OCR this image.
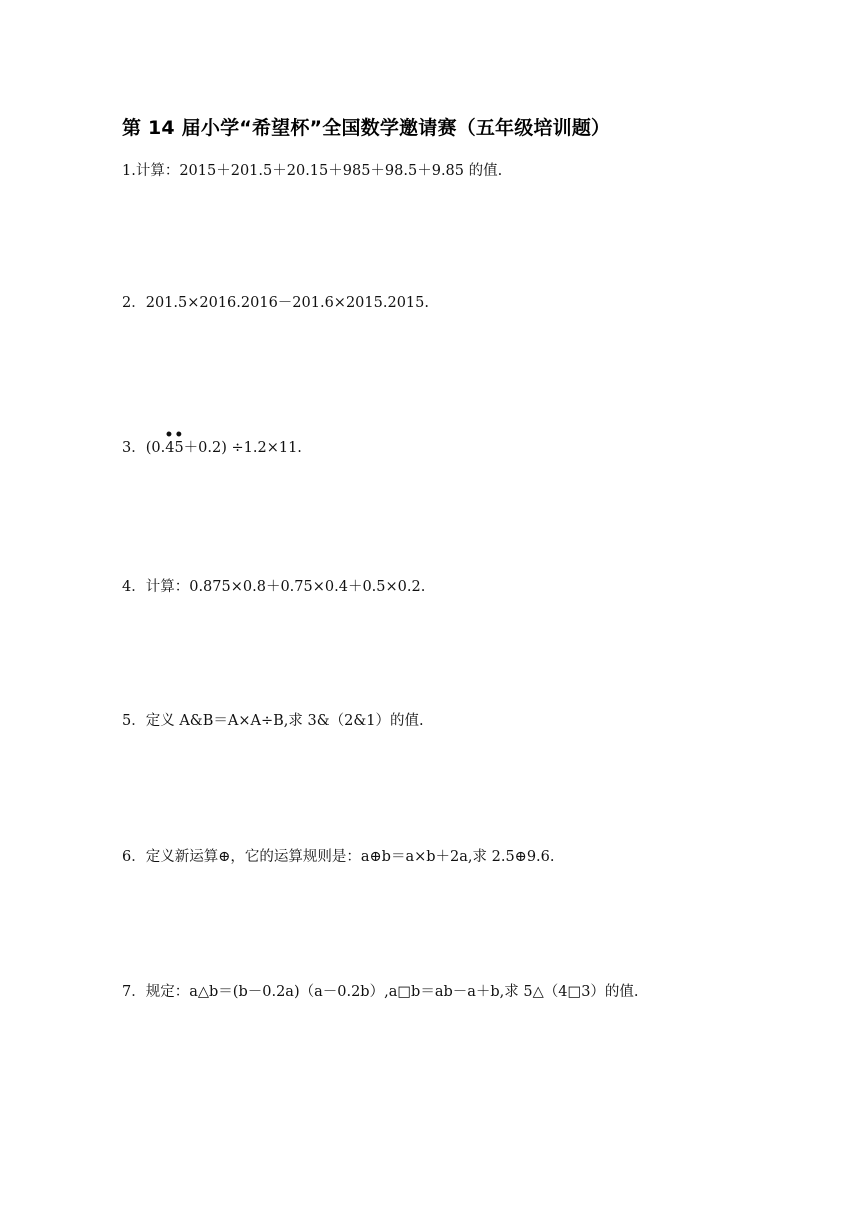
第 14 届小学“希望杯”全国数学邀请赛（五年级培训题）

1.计算：2015＋201.5＋20.15＋985＋98.5＋9.85 的值.

2．201.5×2016.2016－201.6×2015.2015.

3．(0.
••
45＋0.2) ÷1.2×11.

4．计算：0.875×0.8＋0.75×0.4＋0.5×0.2.

5．定义 A&B＝A×A÷B,求 3&（2&1）的值.

6．定义新运算⊕，它的运算规则是：a⊕b＝a×b＋2a,求 2.5⊕9.6.

7．规定：a△b＝(b－0.2a)（a－0.2b）,a□b＝ab－a＋b,求 5△（4□3）的值.
